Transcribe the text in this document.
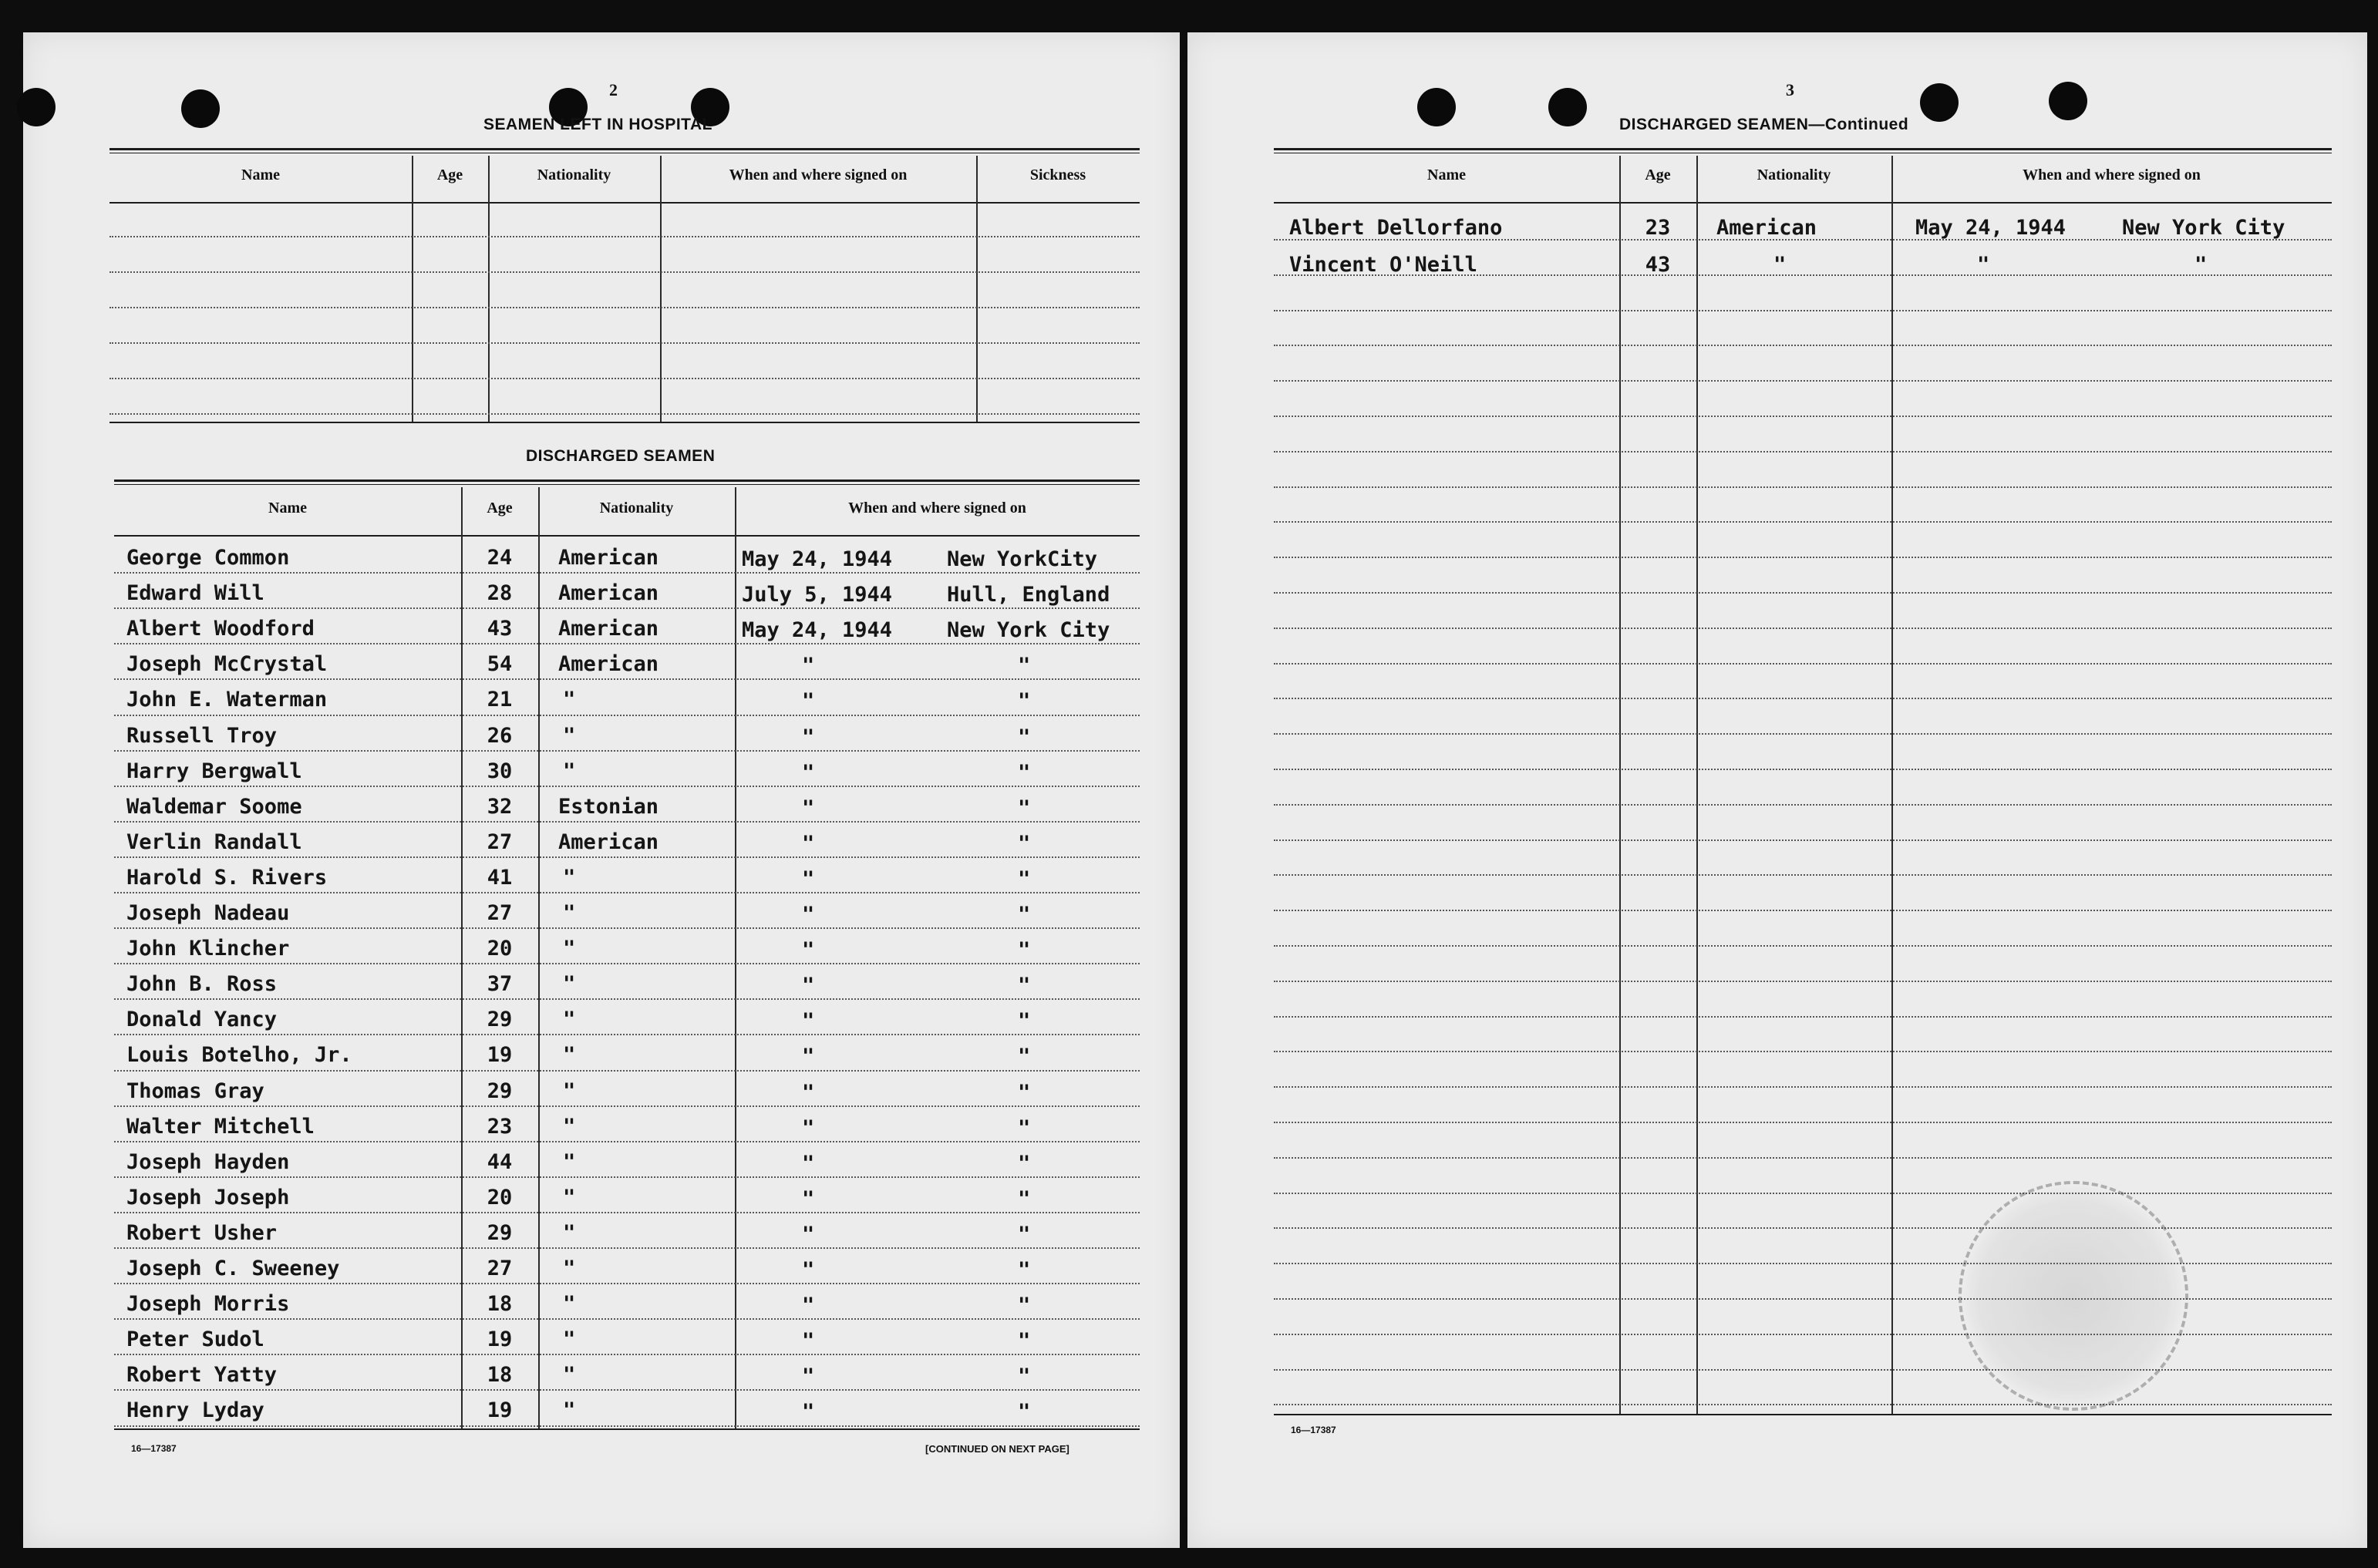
2
SEAMEN LEFT IN HOSPITAL
Name	Age	Nationality	When and where signed on	Sickness
DISCHARGED SEAMEN
Name	Age	Nationality	When and where signed on
George Common	24	American	May 24, 1944	New YorkCity
Edward Will	28	American	July 5, 1944	Hull, England
Albert Woodford	43	American	May 24, 1944	New York City
Joseph McCrystal	54	American	"	"
John E. Waterman	21	"	"	"
Russell Troy	26	"	"	"
Harry Bergwall	30	"	"	"
Waldemar Soome	32	Estonian	"	"
Verlin Randall	27	American	"	"
Harold S. Rivers	41	"	"	"
Joseph Nadeau	27	"	"	"
John Klincher	20	"	"	"
John B. Ross	37	"	"	"
Donald Yancy	29	"	"	"
Louis Botelho, Jr.	19	"	"	"
Thomas Gray	29	"	"	"
Walter Mitchell	23	"	"	"
Joseph Hayden	44	"	"	"
Joseph Joseph	20	"	"	"
Robert Usher	29	"	"	"
Joseph C. Sweeney	27	"	"	"
Joseph Morris	18	"	"	"
Peter Sudol	19	"	"	"
Robert Yatty	18	"	"	"
Henry Lyday	19	"	"	"
16—17387	[CONTINUED ON NEXT PAGE]
3
DISCHARGED SEAMEN—Continued
Name	Age	Nationality	When and where signed on
Albert Dellorfano	23	American	May 24, 1944	New York City
Vincent O'Neill	43	"	"	"
16—17387
